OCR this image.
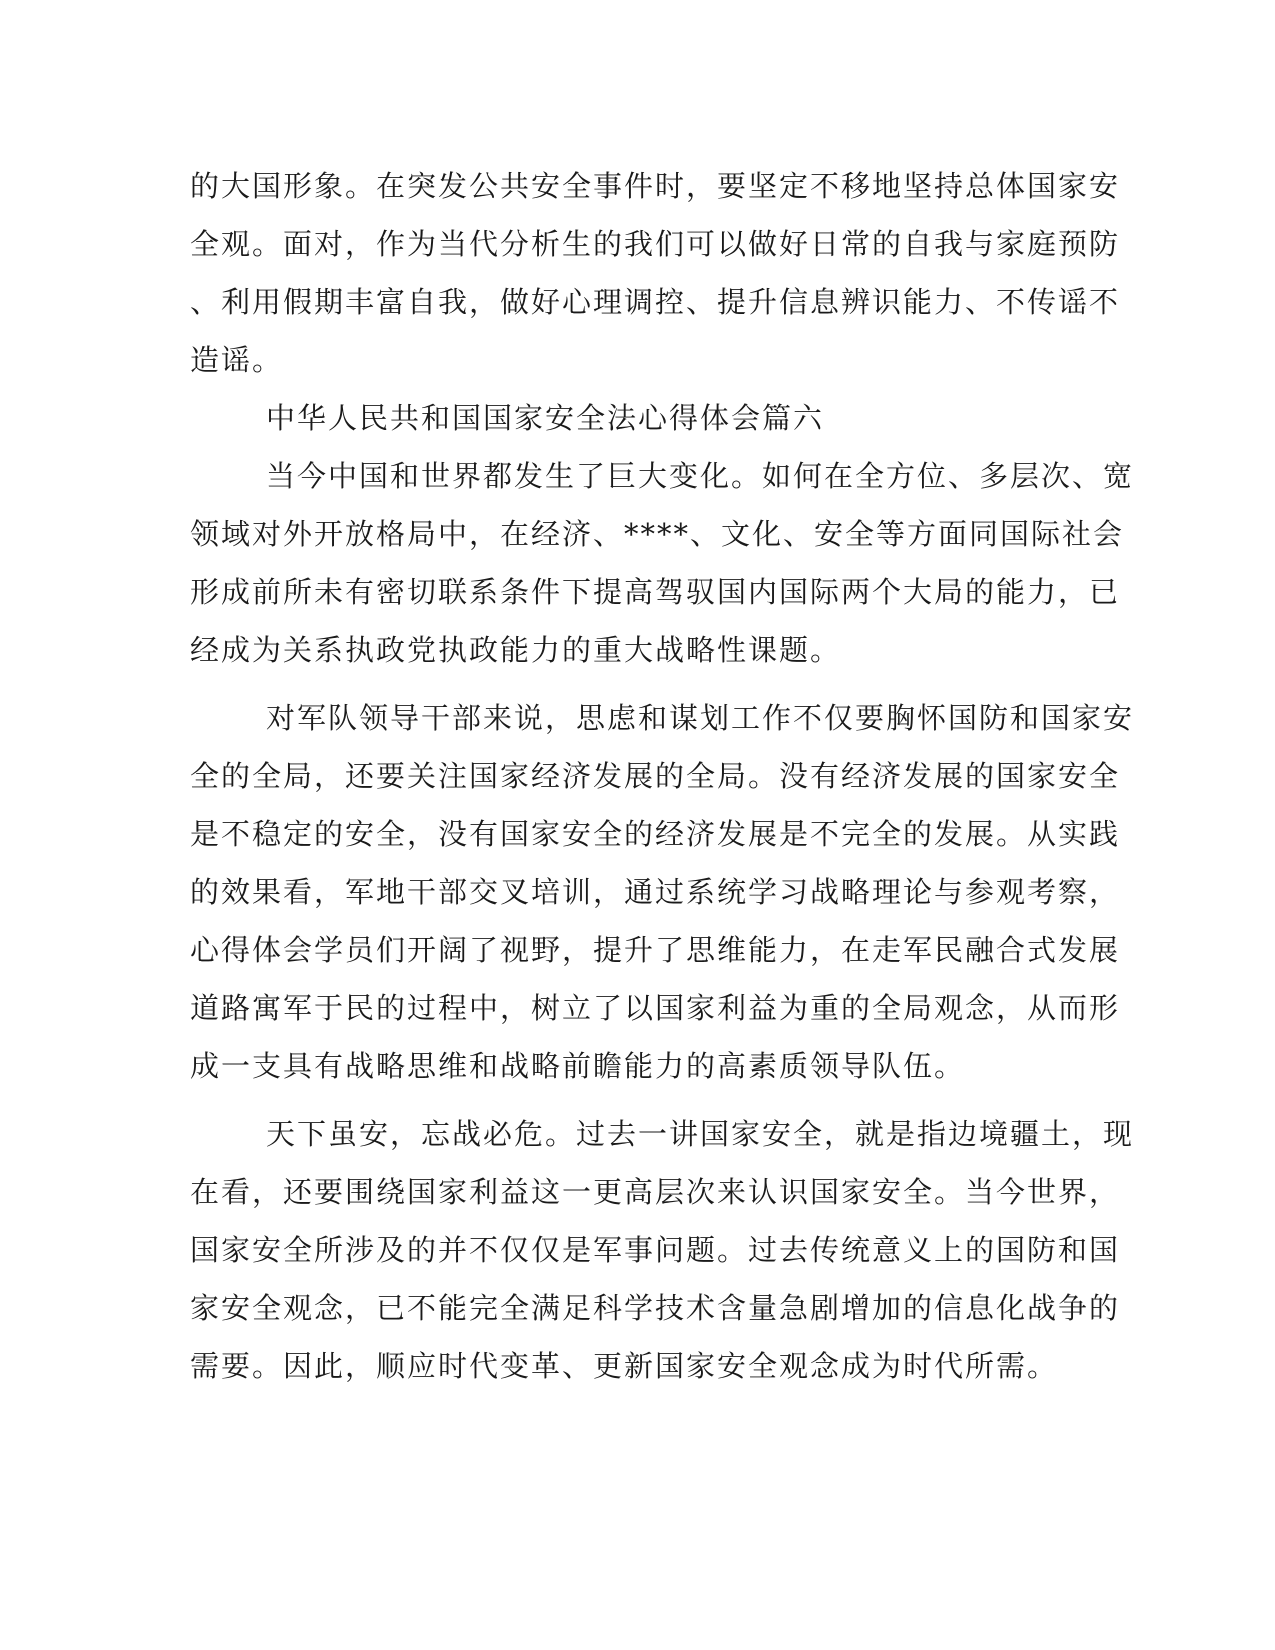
的大国形象。在突发公共安全事件时，要坚定不移地坚持总体国家安
全观。面对，作为当代分析生的我们可以做好日常的自我与家庭预防
、利用假期丰富自我，做好心理调控、提升信息辨识能力、不传谣不
造谣。
中华人民共和国国家安全法心得体会篇六
当今中国和世界都发生了巨大变化。如何在全方位、多层次、宽
领域对外开放格局中，在经济、****、文化、安全等方面同国际社会
形成前所未有密切联系条件下提高驾驭国内国际两个大局的能力，已
经成为关系执政党执政能力的重大战略性课题。
对军队领导干部来说，思虑和谋划工作不仅要胸怀国防和国家安
全的全局，还要关注国家经济发展的全局。没有经济发展的国家安全
是不稳定的安全，没有国家安全的经济发展是不完全的发展。从实践
的效果看，军地干部交叉培训，通过系统学习战略理论与参观考察，
心得体会学员们开阔了视野，提升了思维能力，在走军民融合式发展
道路寓军于民的过程中，树立了以国家利益为重的全局观念，从而形
成一支具有战略思维和战略前瞻能力的高素质领导队伍。
天下虽安，忘战必危。过去一讲国家安全，就是指边境疆土，现
在看，还要围绕国家利益这一更高层次来认识国家安全。当今世界，
国家安全所涉及的并不仅仅是军事问题。过去传统意义上的国防和国
家安全观念，已不能完全满足科学技术含量急剧增加的信息化战争的
需要。因此，顺应时代变革、更新国家安全观念成为时代所需。
